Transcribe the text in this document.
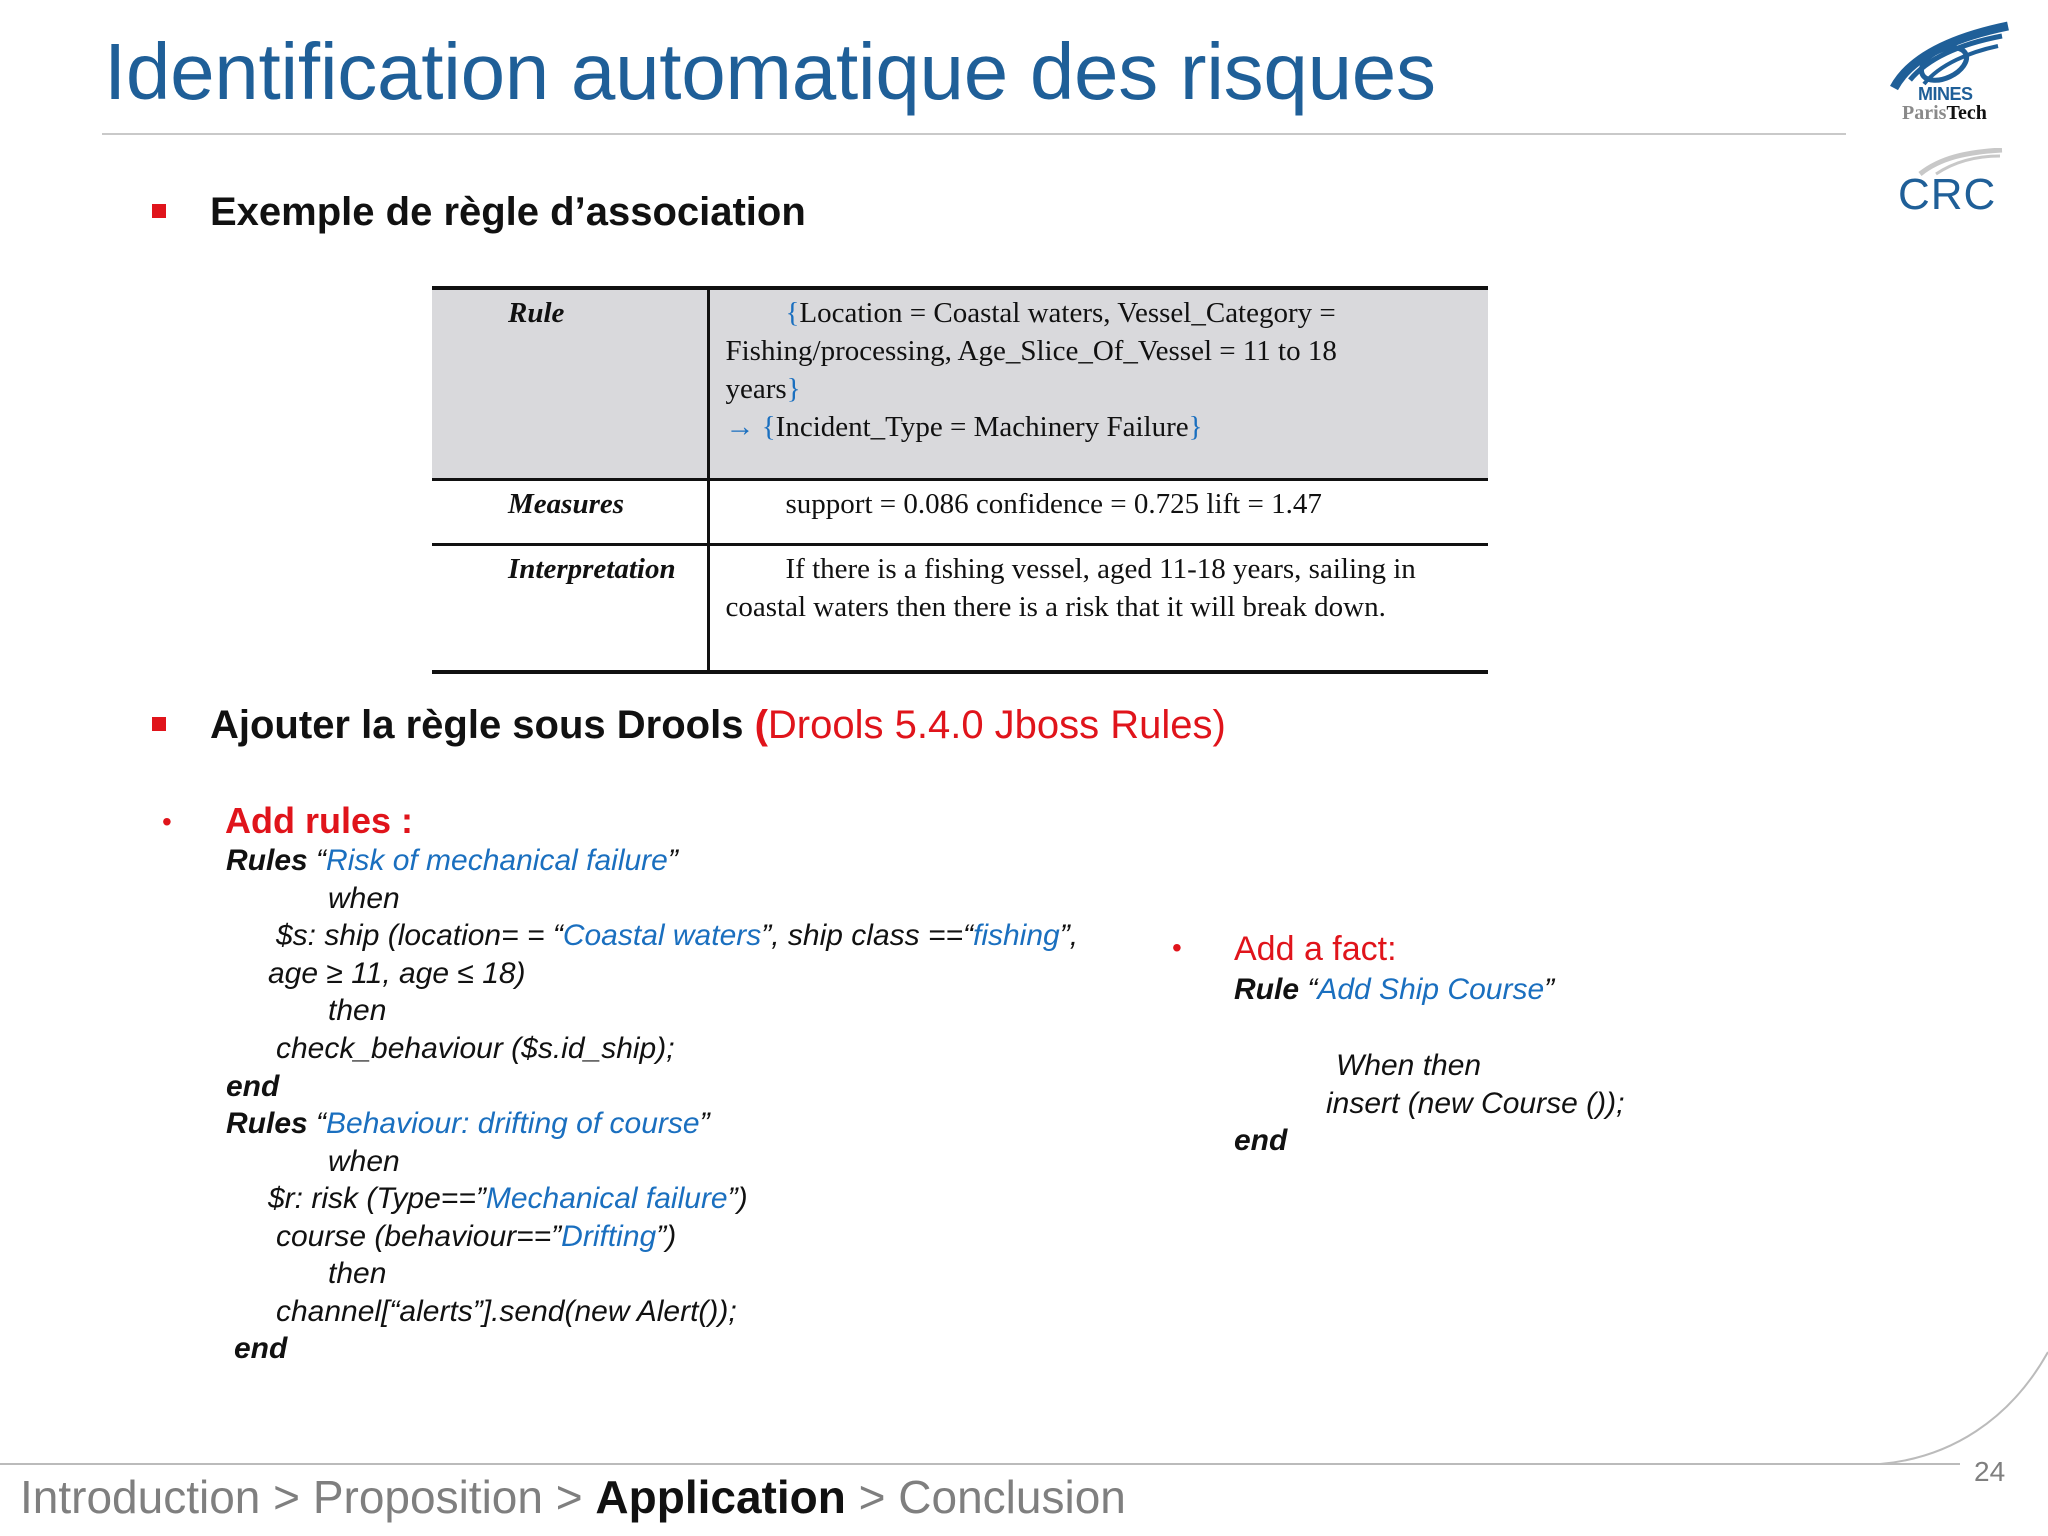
Identification automatique des risques	MINES
ParisTech
CRC
Exemple de règle d’association
Rule	{Location = Coastal waters, Vessel_Category =
Fishing/processing, Age_Slice_Of_Vessel = 11 to 18
years}
→ {Incident_Type = Machinery Failure}

Measures	support = 0.086 confidence = 0.725 lift = 1.47

Interpretation	If there is a fishing vessel, aged 11-18 years, sailing in
coastal waters then there is a risk that it will break down.
Ajouter la règle sous Drools (Drools 5.4.0 Jboss Rules)
• Add rules :
Rules “Risk of mechanical failure”
when
$s: ship (location= = “Coastal waters”, ship class ==“fishing”,
age ≥ 11, age ≤ 18)
then
check_behaviour ($s.id_ship);
end
Rules “Behaviour: drifting of course”
when
$r: risk (Type==”Mechanical failure”)
course (behaviour==”Drifting”)
then
channel[“alerts”].send(new Alert());
end
• Add a fact:
Rule “Add Ship Course”
When then
insert (new Course ());
end
Introduction > Proposition > Application > Conclusion	24
